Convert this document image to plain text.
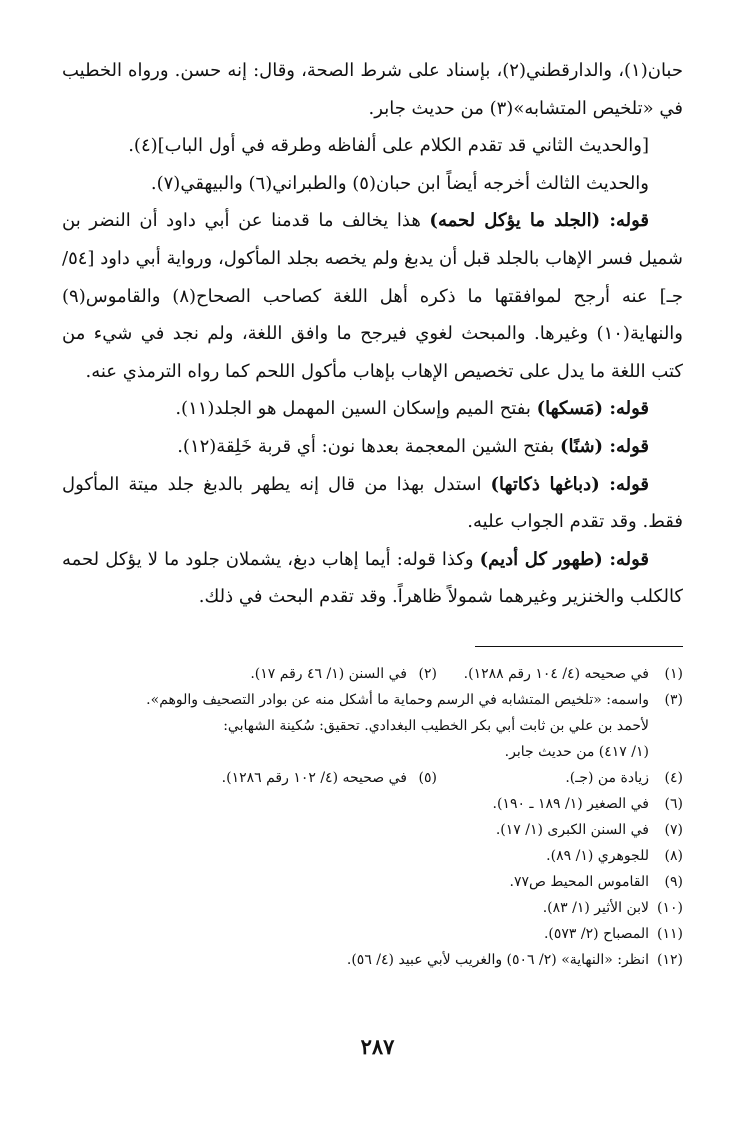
حبان(١)، والدارقطني(٢)، بإسناد على شرط الصحة، وقال: إنه حسن. ورواه الخطيب في «تلخيص المتشابه»(٣) من حديث جابر.

[والحديث الثاني قد تقدم الكلام على ألفاظه وطرقه في أول الباب](٤).

والحديث الثالث أخرجه أيضاً ابن حبان(٥) والطبراني(٦) والبيهقي(٧).

قوله: (الجلد ما يؤكل لحمه) هذا يخالف ما قدمنا عن أبي داود أن النضر بن شميل فسر الإهاب بالجلد قبل أن يدبغ ولم يخصه بجلد المأكول، ورواية أبي داود [٥٤/جـ] عنه أرجح لموافقتها ما ذكره أهل اللغة كصاحب الصحاح(٨) والقاموس(٩) والنهاية(١٠) وغيرها. والمبحث لغوي فيرجح ما وافق اللغة، ولم نجد في شيء من كتب اللغة ما يدل على تخصيص الإهاب بإهاب مأكول اللحم كما رواه الترمذي عنه.

قوله: (مَسكها) بفتح الميم وإسكان السين المهمل هو الجلد(١١).

قوله: (شنًا) بفتح الشين المعجمة بعدها نون: أي قربة خَلِقة(١٢).

قوله: (دباغها ذكاتها) استدل بهذا من قال إنه يطهر بالدبغ جلد ميتة المأكول فقط. وقد تقدم الجواب عليه.

قوله: (طهور كل أديم) وكذا قوله: أيما إهاب دبغ، يشملان جلود ما لا يؤكل لحمه كالكلب والخنزير وغيرهما شمولاً ظاهراً. وقد تقدم البحث في ذلك.

(١)
في صحيحه (٤/ ١٠٤ رقم ١٢٨٨).
(٢)
في السنن (١/ ٤٦ رقم ١٧).
(٣)
واسمه: «تلخيص المتشابه في الرسم وحماية ما أشكل منه عن بوادر التصحيف والوهم».
لأحمد بن علي بن ثابت أبي بكر الخطيب البغدادي. تحقيق: سُكينة الشهابي:
(١/ ٤١٧) من حديث جابر.
(٤)
زيادة من (جـ).
(٥)
في صحيحه (٤/ ١٠٢ رقم ١٢٨٦).
(٦)
في الصغير (١/ ١٨٩ ـ ١٩٠).
(٧)
في السنن الكبرى (١/ ١٧).
(٨)
للجوهري (١/ ٨٩).
(٩)
القاموس المحيط ص٧٧.
(١٠)
لابن الأثير (١/ ٨٣).
(١١)
المصباح (٢/ ٥٧٣).
(١٢)
انظر: «النهاية» (٢/ ٥٠٦) والغريب لأبي عبيد (٤/ ٥٦).
٢٨٧
